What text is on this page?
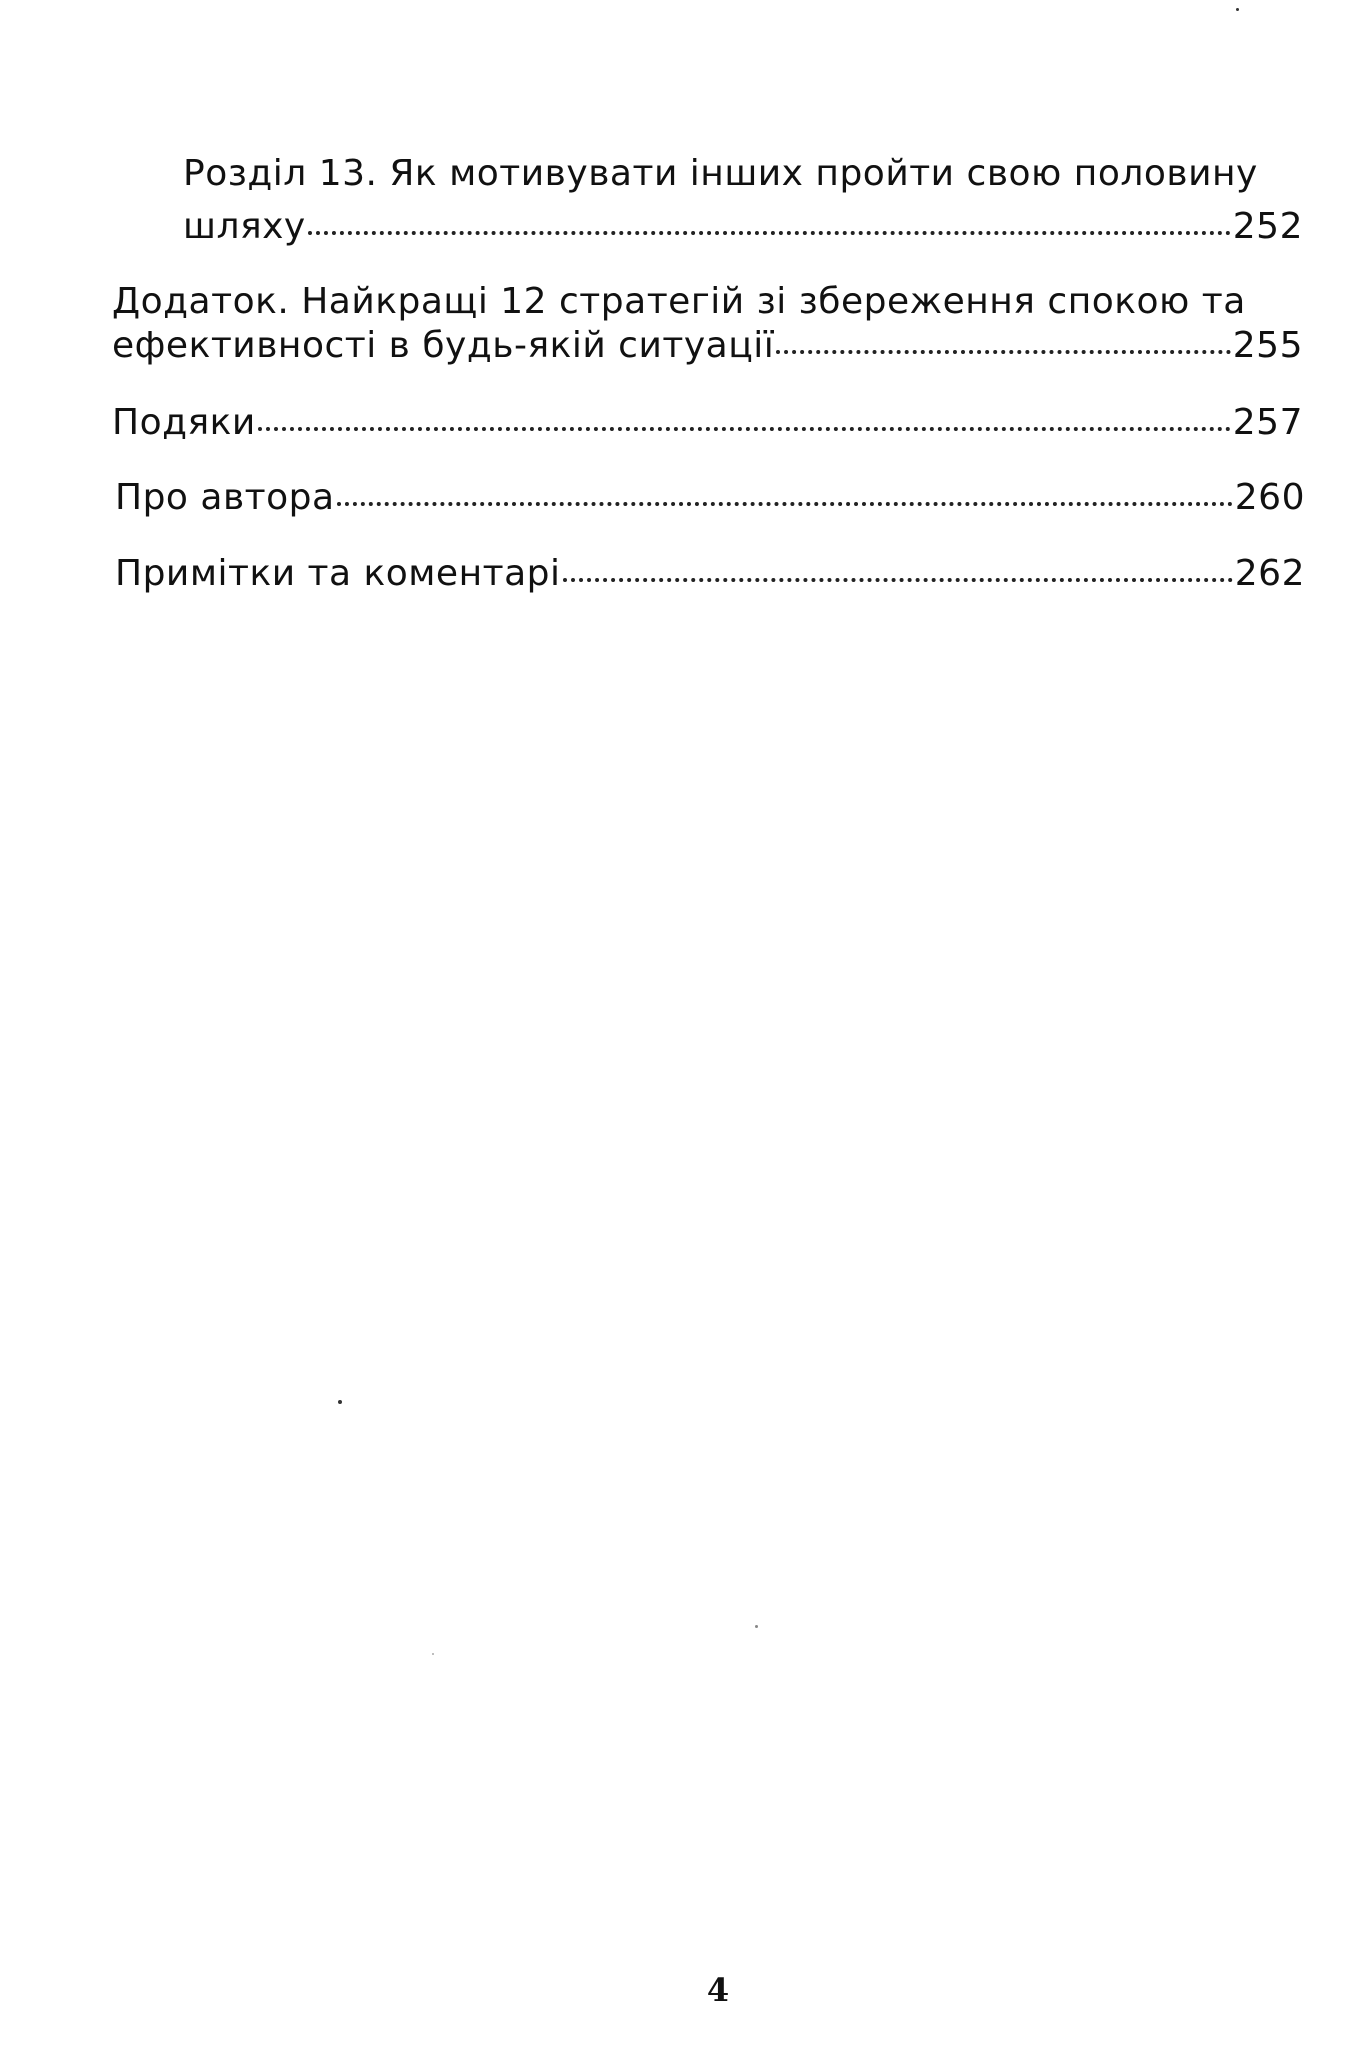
Розділ 13. Як мотивувати інших пройти свою половину
шляху	252
Додаток. Найкращі 12 стратегій зі збереження спокою та
ефективності в будь-якій ситуації	255
Подяки	257
Про автора	260
Примітки та коментарі	262
4
